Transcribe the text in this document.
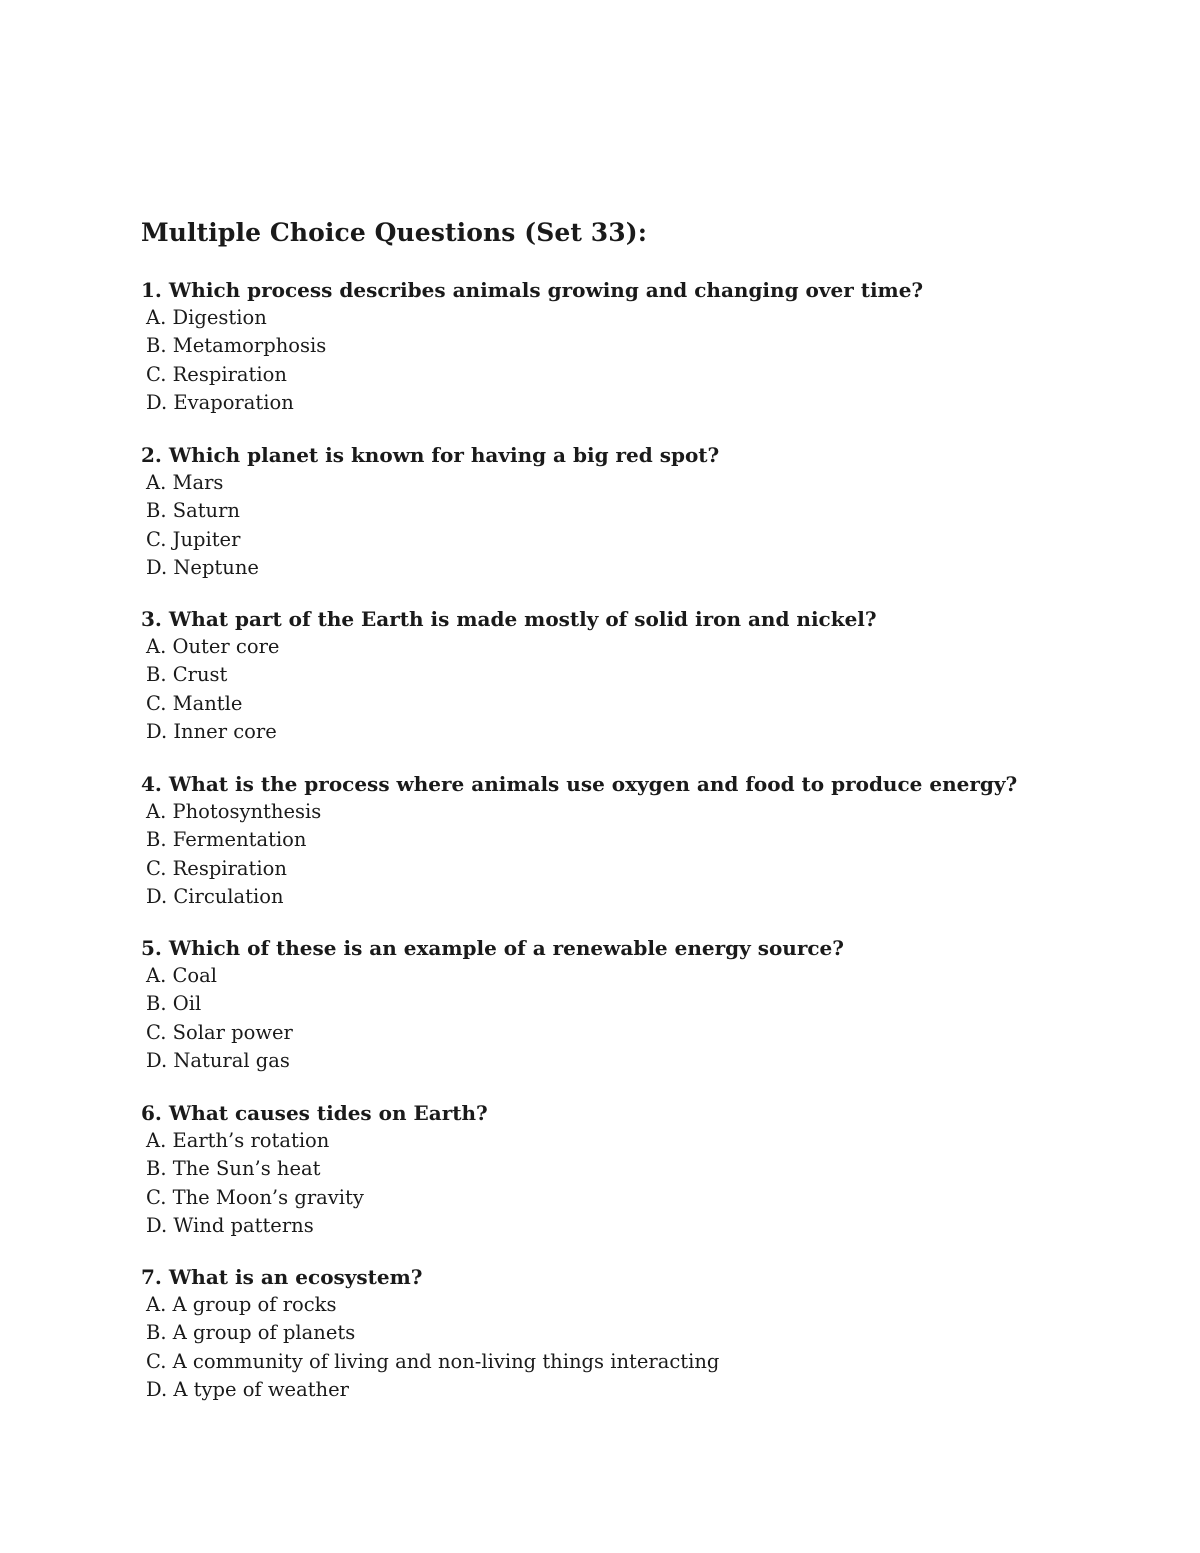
Multiple Choice Questions (Set 33):
1. Which process describes animals growing and changing over time?
A. Digestion
B. Metamorphosis
C. Respiration
D. Evaporation
2. Which planet is known for having a big red spot?
A. Mars
B. Saturn
C. Jupiter
D. Neptune
3. What part of the Earth is made mostly of solid iron and nickel?
A. Outer core
B. Crust
C. Mantle
D. Inner core
4. What is the process where animals use oxygen and food to produce energy?
A. Photosynthesis
B. Fermentation
C. Respiration
D. Circulation
5. Which of these is an example of a renewable energy source?
A. Coal
B. Oil
C. Solar power
D. Natural gas
6. What causes tides on Earth?
A. Earth’s rotation
B. The Sun’s heat
C. The Moon’s gravity
D. Wind patterns
7. What is an ecosystem?
A. A group of rocks
B. A group of planets
C. A community of living and non-living things interacting
D. A type of weather
